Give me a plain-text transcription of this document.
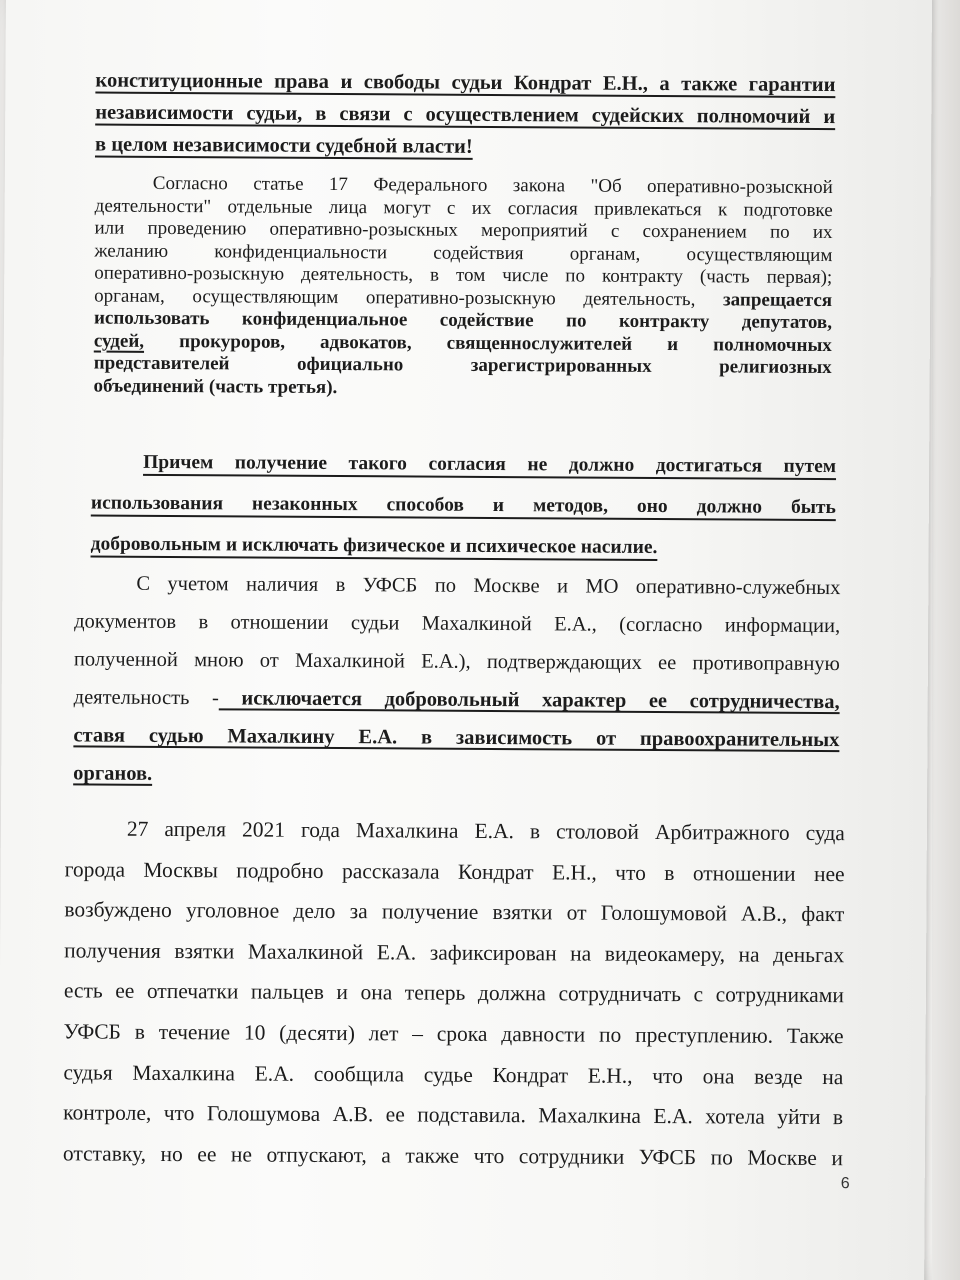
конституционные права и свободы судьи Кондрат Е.Н., а также гарантии
независимости судьи, в связи с осуществлением судейских полномочий и
в целом независимости судебной власти!
Согласно статье 17 Федерального закона "Об оперативно-розыскной
деятельности" отдельные лица могут с их согласия привлекаться к подготовке
или проведению оперативно-розыскных мероприятий с сохранением по их
желанию конфиденциальности содействия органам, осуществляющим
оперативно-розыскную деятельность, в том числе по контракту (часть первая);
органам, осуществляющим оперативно-розыскную деятельность, запрещается
использовать конфиденциальное содействие по контракту депутатов,
судей, прокуроров, адвокатов, священнослужителей и полномочных
представителей официально зарегистрированных религиозных
объединений (часть третья).
Причем получение такого согласия не должно достигаться путем
использования незаконных способов и методов, оно должно быть
добровольным и исключать физическое и психическое насилие.
С учетом наличия в УФСБ по Москве и МО оперативно-служебных
документов в отношении судьи Махалкиной Е.А., (согласно информации,
полученной мною от Махалкиной Е.А.), подтверждающих ее противоправную
деятельность - исключается добровольный характер ее сотрудничества,
ставя судью Махалкину Е.А. в зависимость от правоохранительных
органов.
27 апреля 2021 года Махалкина Е.А. в столовой Арбитражного суда
города Москвы подробно рассказала Кондрат Е.Н., что в отношении нее
возбуждено уголовное дело за получение взятки от Голошумовой А.В., факт
получения взятки Махалкиной Е.А. зафиксирован на видеокамеру, на деньгах
есть ее отпечатки пальцев и она теперь должна сотрудничать с сотрудниками
УФСБ в течение 10 (десяти) лет – срока давности по преступлению. Также
судья Махалкина Е.А. сообщила судье Кондрат Е.Н., что она везде на
контроле, что Голошумова А.В. ее подставила. Махалкина Е.А. хотела уйти в
отставку, но ее не отпускают, а также что сотрудники УФСБ по Москве и
6
